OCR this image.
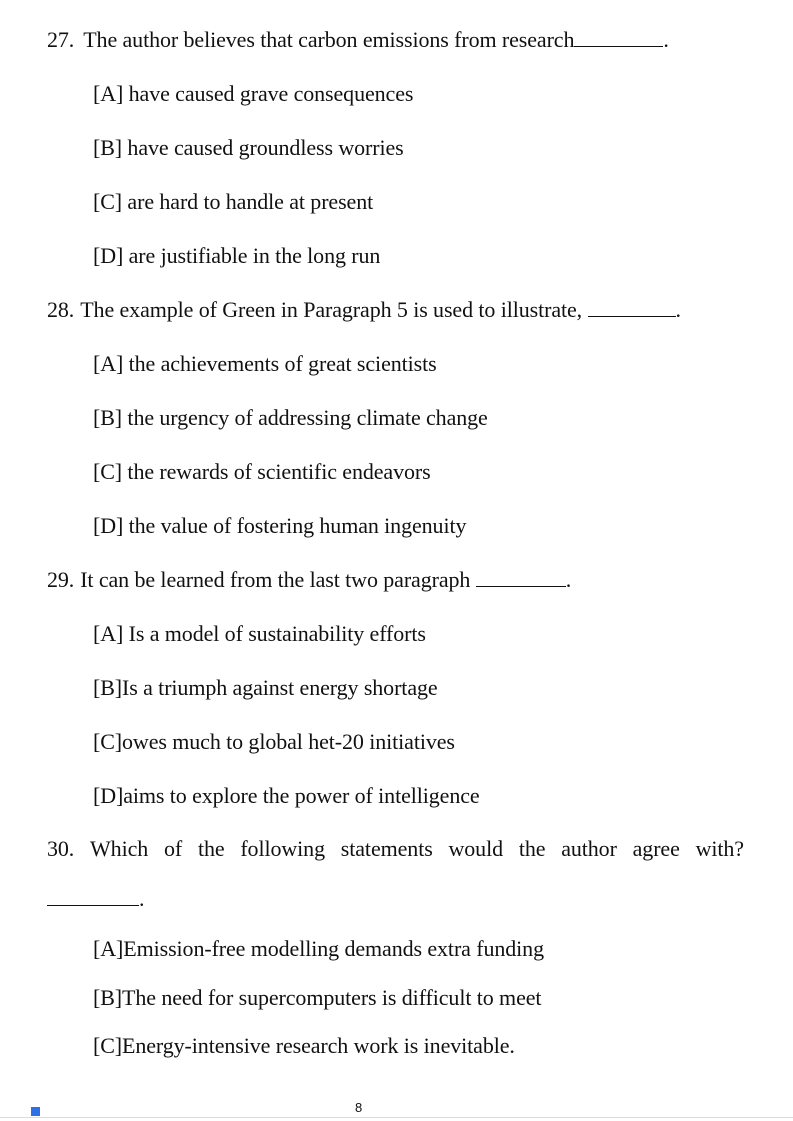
27. The author believes that carbon emissions from research	.
[A] have caused grave consequences
[B] have caused groundless worries
[C] are hard to handle at present
[D] are justifiable in the long run
28. The example of Green in Paragraph 5 is used to illustrate,	.
[A] the achievements of great scientists
[B] the urgency of addressing climate change
[C] the rewards of scientific endeavors
[D] the value of fostering human ingenuity
29. It can be learned from the last two paragraph	.
[A] Is a model of sustainability efforts
[B]Is a triumph against energy shortage
[C]owes much to global het-20 initiatives
[D]aims to explore the power of intelligence
30. Which of the following statements would the author agree with?
.
[A]Emission-free modelling demands extra funding
[B]The need for supercomputers is difficult to meet
[C]Energy-intensive research work is inevitable.
8
